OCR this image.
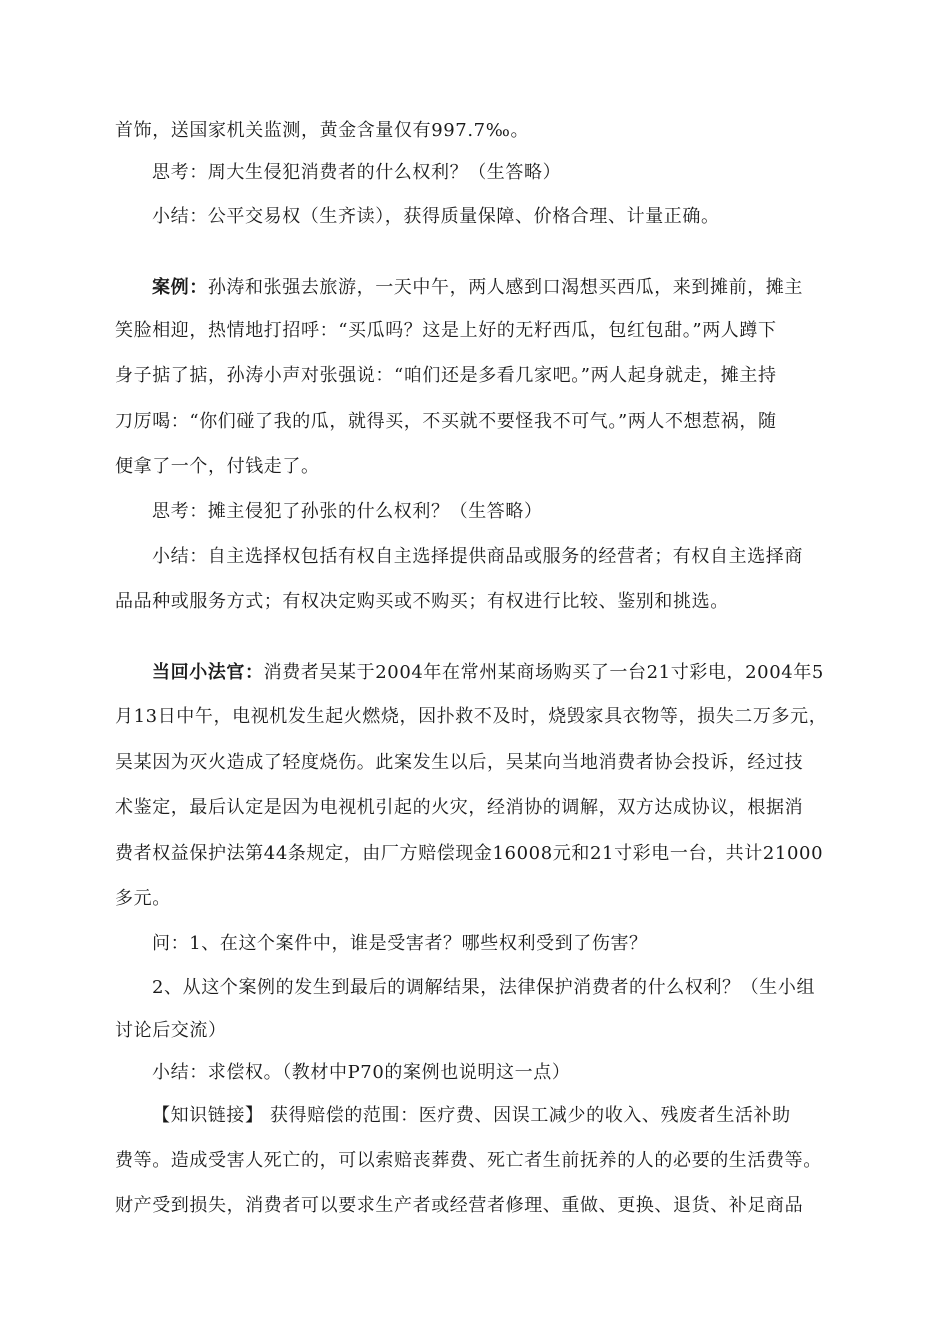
首饰，送国家机关监测，黄金含量仅有997.7‰。
思考：周大生侵犯消费者的什么权利？（生答略）
小结：公平交易权（生齐读），获得质量保障、价格合理、计量正确。
案例：孙涛和张强去旅游，一天中午，两人感到口渴想买西瓜，来到摊前，摊主
笑脸相迎，热情地打招呼：“买瓜吗？这是上好的无籽西瓜，包红包甜。”两人蹲下
身子掂了掂，孙涛小声对张强说：“咱们还是多看几家吧。”两人起身就走，摊主持
刀厉喝：“你们碰了我的瓜，就得买，不买就不要怪我不可气。”两人不想惹祸，随
便拿了一个，付钱走了。
思考：摊主侵犯了孙张的什么权利？（生答略）
小结：自主选择权包括有权自主选择提供商品或服务的经营者；有权自主选择商
品品种或服务方式；有权决定购买或不购买；有权进行比较、鉴别和挑选。
当回小法官：消费者吴某于2004年在常州某商场购买了一台21寸彩电，2004年5
月13日中午，电视机发生起火燃烧，因扑救不及时，烧毁家具衣物等，损失二万多元，
吴某因为灭火造成了轻度烧伤。此案发生以后，吴某向当地消费者协会投诉，经过技
术鉴定，最后认定是因为电视机引起的火灾，经消协的调解，双方达成协议，根据消
费者权益保护法第44条规定，由厂方赔偿现金16008元和21寸彩电一台，共计21000
多元。
问：1、在这个案件中，谁是受害者？哪些权利受到了伤害？
2、从这个案例的发生到最后的调解结果，法律保护消费者的什么权利？（生小组
讨论后交流）
小结：求偿权。（教材中P70的案例也说明这一点）
【知识链接】 获得赔偿的范围：医疗费、因误工减少的收入、残废者生活补助
费等。造成受害人死亡的，可以索赔丧葬费、死亡者生前抚养的人的必要的生活费等。
财产受到损失，消费者可以要求生产者或经营者修理、重做、更换、退货、补足商品
